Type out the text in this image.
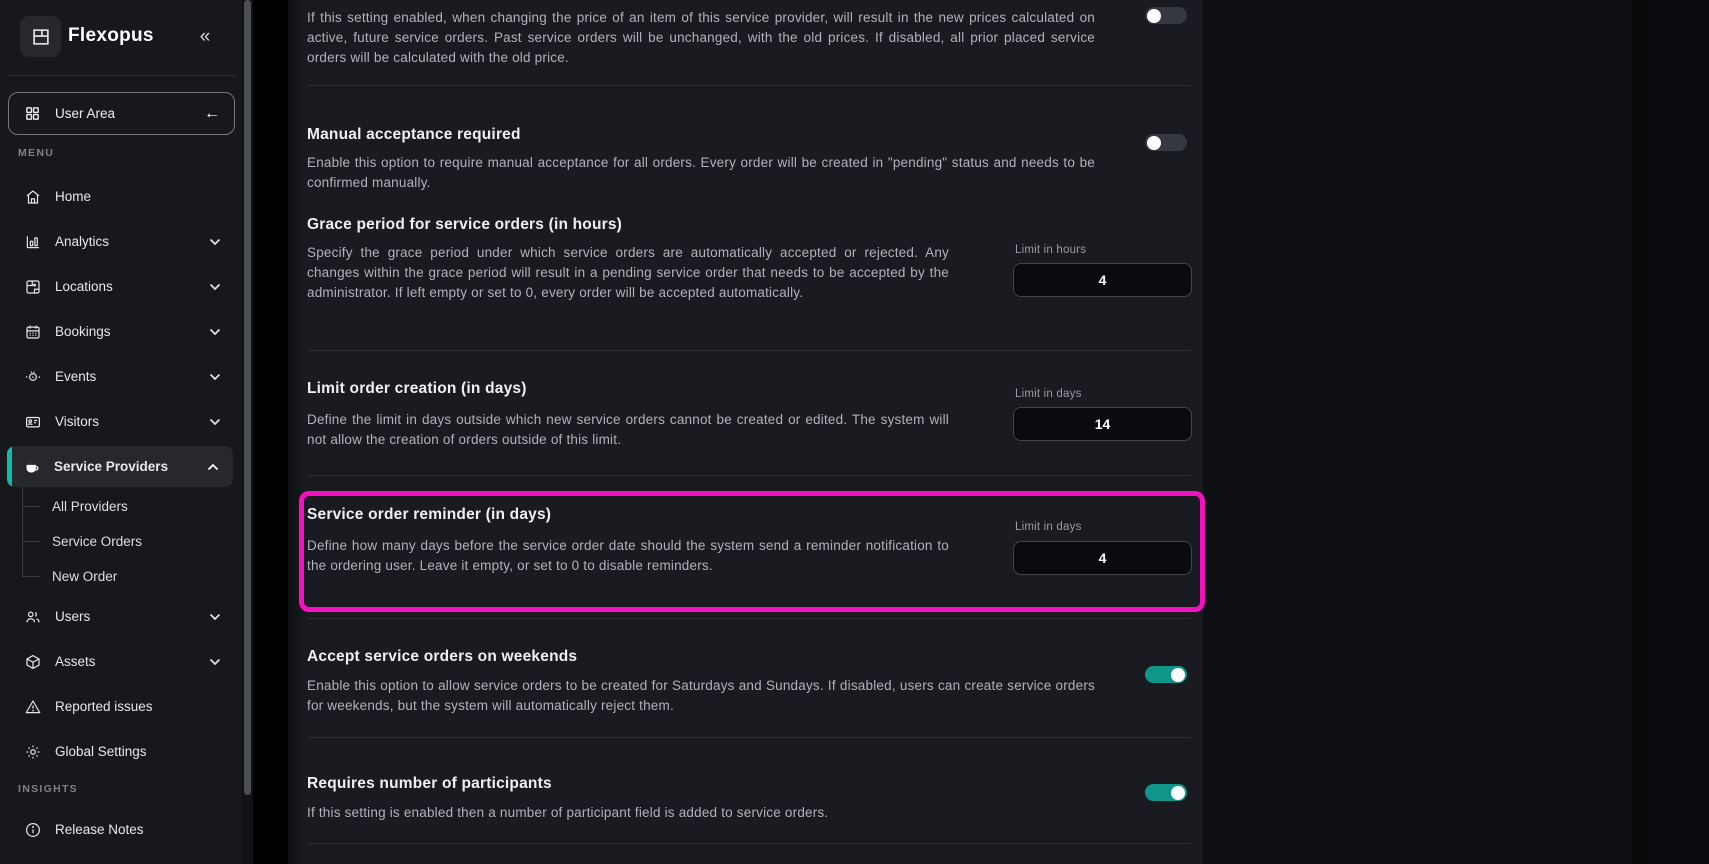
Flexopus	«
User Area	←
MENU
Home
Analytics
Locations
Bookings
Events
Visitors
Service Providers
All Providers
Service Orders
New Order
Users
Assets
Reported issues
Global Settings
INSIGHTS
Release Notes
If this setting enabled, when changing the price of an item of this service provider, will result in the new prices calculated on active, future service orders. Past service orders will be unchanged, with the old prices. If disabled, all prior placed service orders will be calculated with the old price.
Manual acceptance required
Enable this option to require manual acceptance for all orders. Every order will be created in "pending" status and needs to be confirmed manually.
Grace period for service orders (in hours)
Specify the grace period under which service orders are automatically accepted or rejected. Any changes within the grace period will result in a pending service order that needs to be accepted by the administrator. If left empty or set to 0, every order will be accepted automatically.
Limit in hours
4
Limit order creation (in days)
Define the limit in days outside which new service orders cannot be created or edited. The system will not allow the creation of orders outside of this limit.
Limit in days
14
Service order reminder (in days)
Define how many days before the service order date should the system send a reminder notification to the ordering user. Leave it empty, or set to 0 to disable reminders.
Limit in days
4
Accept service orders on weekends
Enable this option to allow service orders to be created for Saturdays and Sundays. If disabled, users can create service orders for weekends, but the system will automatically reject them.
Requires number of participants
If this setting is enabled then a number of participant field is added to service orders.
